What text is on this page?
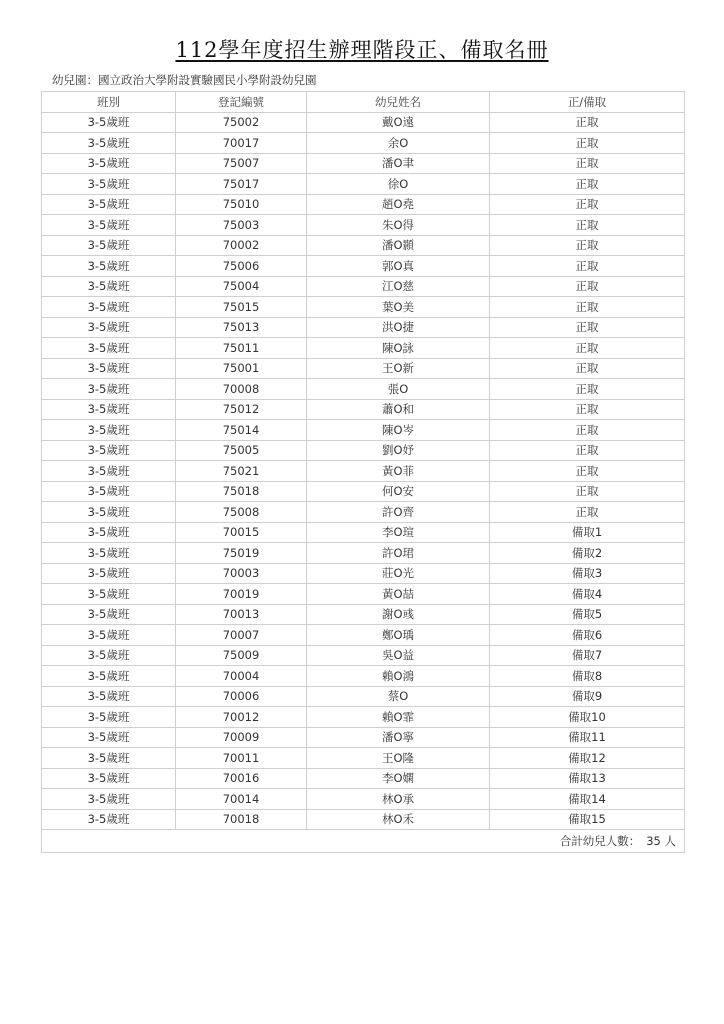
112學年度招生辦理階段正、備取名冊
幼兒園：國立政治大學附設實驗國民小學附設幼兒園
班別	登記編號	幼兒姓名	正/備取
3-5歲班	75002	戴O遠	正取
3-5歲班	70017	余O	正取
3-5歲班	75007	潘O聿	正取
3-5歲班	75017	徐O	正取
3-5歲班	75010	趙O堯	正取
3-5歲班	75003	朱O得	正取
3-5歲班	70002	潘O顥	正取
3-5歲班	75006	郭O真	正取
3-5歲班	75004	江O慈	正取
3-5歲班	75015	葉O美	正取
3-5歲班	75013	洪O捷	正取
3-5歲班	75011	陳O詠	正取
3-5歲班	75001	王O新	正取
3-5歲班	70008	張O	正取
3-5歲班	75012	蕭O和	正取
3-5歲班	75014	陳O岑	正取
3-5歲班	75005	劉O妤	正取
3-5歲班	75021	黃O菲	正取
3-5歲班	75018	何O安	正取
3-5歲班	75008	許O齊	正取
3-5歲班	70015	李O瑄	備取1
3-5歲班	75019	許O珺	備取2
3-5歲班	70003	莊O光	備取3
3-5歲班	70019	黃O喆	備取4
3-5歲班	70013	謝O彧	備取5
3-5歲班	70007	鄭O瑀	備取6
3-5歲班	75009	吳O益	備取7
3-5歲班	70004	賴O鴻	備取8
3-5歲班	70006	蔡O	備取9
3-5歲班	70012	賴O霏	備取10
3-5歲班	70009	潘O寧	備取11
3-5歲班	70011	王O隆	備取12
3-5歲班	70016	李O嫻	備取13
3-5歲班	70014	林O承	備取14
3-5歲班	70018	林O禾	備取15
合計幼兒人數： 35 人			
